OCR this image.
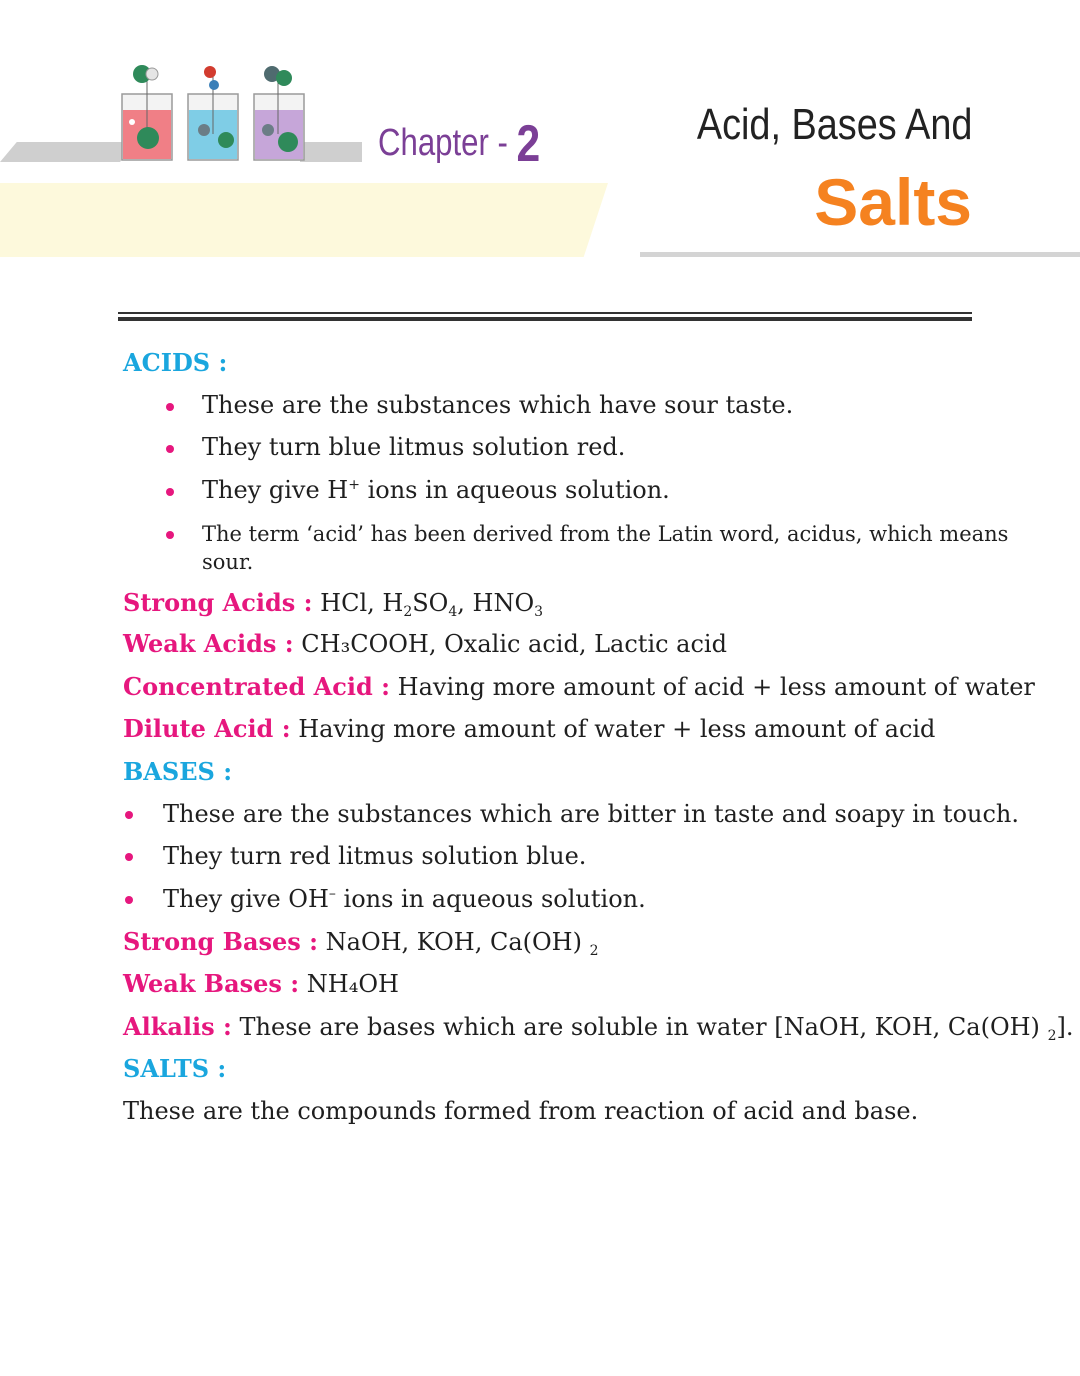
Chapter - 2	Acid, Bases And
Salts
ACIDS :
These are the substances which have sour taste.
They turn blue litmus solution red.
They give H+ ions in aqueous solution.
The term ‘acid’ has been derived from the Latin word, acidus, which means
sour.
Strong Acids : HCl, $H_2SO_4$, $HNO_3$
Weak Acids : CH₃COOH, Oxalic acid, Lactic acid
Concentrated Acid : Having more amount of acid + less amount of water
Dilute Acid : Having more amount of water + less amount of acid
BASES :
These are the substances which are bitter in taste and soapy in touch.
They turn red litmus solution blue.
They give OH– ions in aqueous solution.
Strong Bases : NaOH, KOH, Ca(OH) $_2$
Weak Bases : NH₄OH
Alkalis : These are bases which are soluble in water [NaOH, KOH, Ca(OH) $_2$].
SALTS :
These are the compounds formed from reaction of acid and base.
